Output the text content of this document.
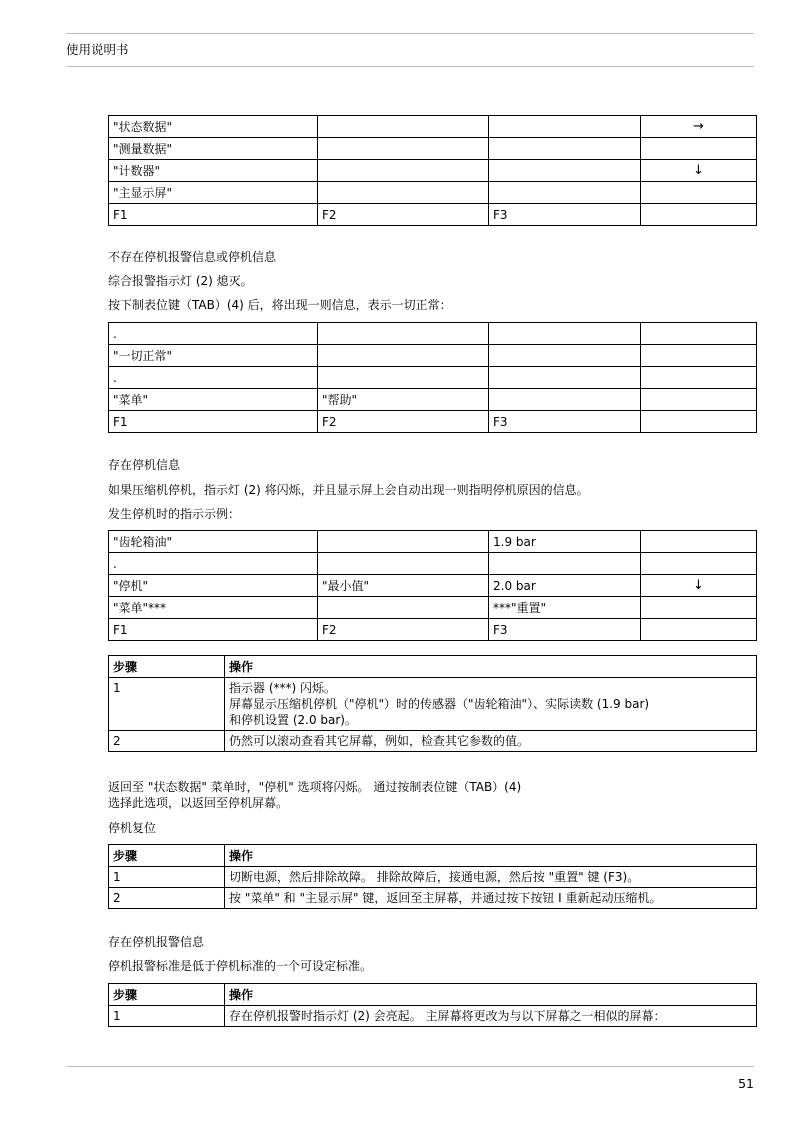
使用说明书
"状态数据"			→
"测量数据"			
"计数器"			↓
"主显示屏"			
F1	F2	F3	
不存在停机报警信息或停机信息
综合报警指示灯 (2) 熄灭。
按下制表位键（TAB）(4) 后，将出现一则信息，表示一切正常：
.			
"一切正常"			
.			
"菜单"	"帮助"		
F1	F2	F3	
存在停机信息
如果压缩机停机，指示灯 (2) 将闪烁，并且显示屏上会自动出现一则指明停机原因的信息。
发生停机时的指示示例：
"齿轮箱油"		1.9 bar	
.			
"停机"	"最小值"	2.0 bar	↓
"菜单"***		***"重置"	
F1	F2	F3	
步骤	操作
1	指示器 (***) 闪烁。
屏幕显示压缩机停机（"停机"）时的传感器（"齿轮箱油"）、实际读数 (1.9 bar)
和停机设置 (2.0 bar)。

2	仍然可以滚动查看其它屏幕，例如，检查其它参数的值。
返回至 "状态数据" 菜单时，"停机" 选项将闪烁。 通过按制表位键（TAB）(4)
选择此选项，以返回至停机屏幕。
停机复位
步骤	操作
1	切断电源，然后排除故障。 排除故障后，接通电源，然后按 "重置" 键 (F3)。
2	按 "菜单" 和 "主显示屏" 键，返回至主屏幕，并通过按下按钮 I 重新起动压缩机。
存在停机报警信息
停机报警标准是低于停机标准的一个可设定标准。
步骤	操作
1	存在停机报警时指示灯 (2) 会亮起。 主屏幕将更改为与以下屏幕之一相似的屏幕：
51
